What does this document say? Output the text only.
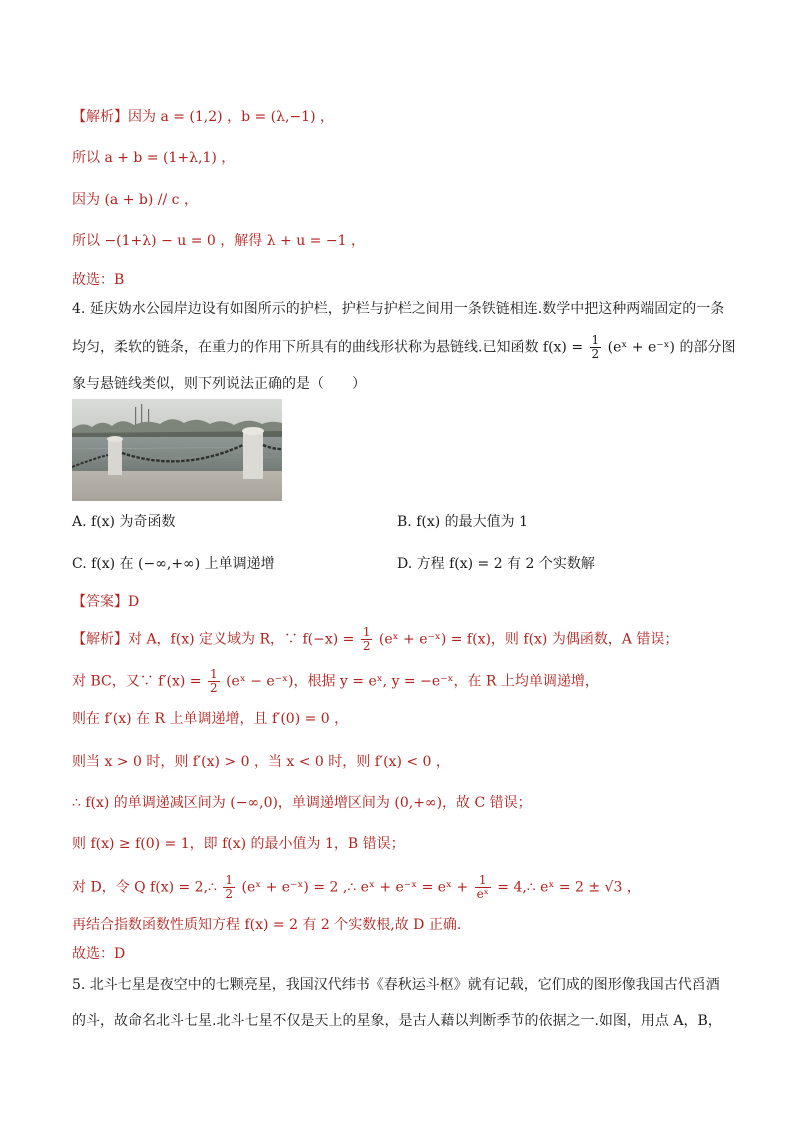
【解析】因为 a = (1,2) ，b = (λ,−1) ，
所以 a + b = (1+λ,1) ，
因为 (a + b) // c ，
所以 −(1+λ) − u = 0 ，解得 λ + u = −1 ，
故选：B
4. 延庆妫水公园岸边设有如图所示的护栏，护栏与护栏之间用一条铁链相连.数学中把这种两端固定的一条
均匀，柔软的链条，在重力的作用下所具有的曲线形状称为悬链线.已知函数 $f(x) = \frac{1}{2}$ (eˣ + e⁻ˣ) 的部分图
象与悬链线类似，则下列说法正确的是（　　）
A. f(x) 为奇函数	B. f(x) 的最大值为 1
C. f(x) 在 (−∞,+∞) 上单调递增	D. 方程 f(x) = 2 有 2 个实数解
【答案】D
【解析】对 A，f(x) 定义域为 R，∵ $f(-x) = \frac{1}{2}$ (eˣ + e⁻ˣ) = f(x)，则 f(x) 为偶函数，A 错误；
对 BC，又∵ $f'(x) = \frac{1}{2}$ (eˣ − e⁻ˣ)，根据 y = eˣ, y = −e⁻ˣ，在 R 上均单调递增，
则在 f′(x) 在 R 上单调递增，且 f′(0) = 0 ，
则当 x > 0 时，则 f′(x) > 0 ，当 x < 0 时，则 f′(x) < 0 ，
∴ f(x) 的单调递减区间为 (−∞,0)，单调递增区间为 (0,+∞)，故 C 错误；
则 f(x) ≥ f(0) = 1，即 f(x) 的最小值为 1，B 错误；
对 D，令 Q f(x) = 2,∴ $\frac{1}{2}$ (eˣ + e⁻ˣ) = 2 ,∴ eˣ + e⁻ˣ = eˣ + $\frac{1}{\text{eˣ}}$ = 4,∴ eˣ = 2 ± √3 ，
再结合指数函数性质知方程 f(x) = 2 有 2 个实数根,故 D 正确.
故选：D
5. 北斗七星是夜空中的七颗亮星，我国汉代纬书《春秋运斗枢》就有记载，它们成的图形像我国古代舀酒
的斗，故命名北斗七星.北斗七星不仅是天上的星象，是古人藉以判断季节的依据之一.如图，用点 A，B，
